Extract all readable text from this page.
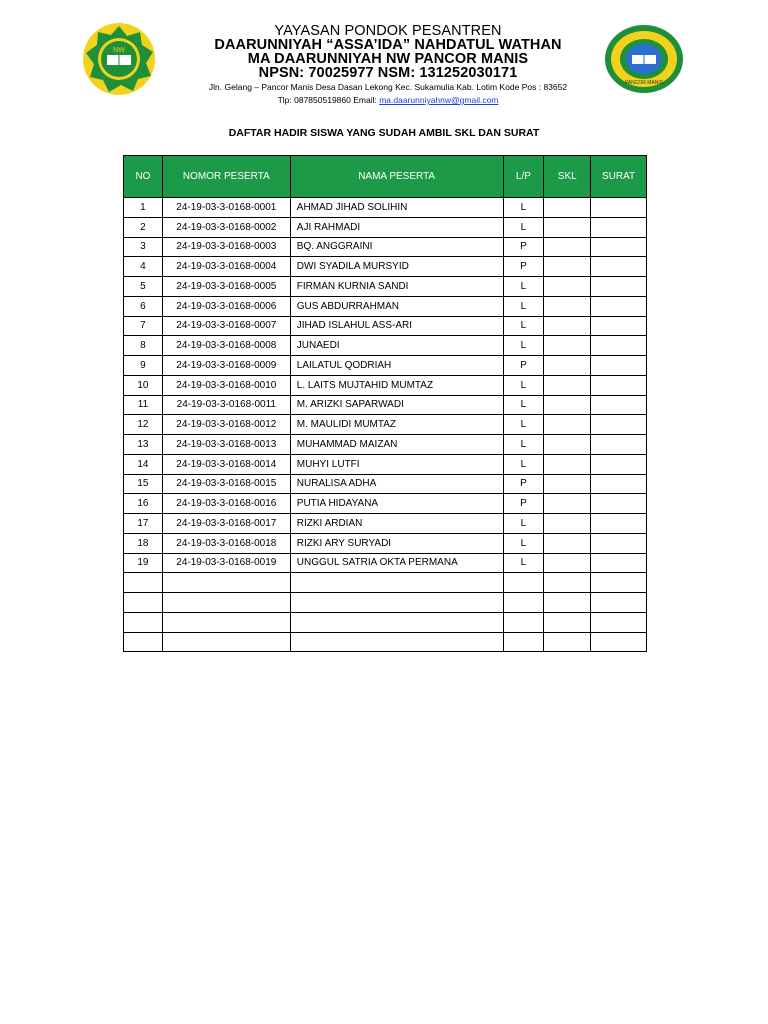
NW
YAYASAN PONDOK PESANTREN
DAARUNNIYAH “ASSA’IDA” NAHDATUL WATHAN
MA DAARUNNIYAH NW PANCOR MANIS
NPSN: 70025977 NSM: 131252030171
Jln. Gelang – Pancor Manis Desa Dasan Lekong Kec. Sukamulia Kab. Lotim Kode Pos : 83652
Tlp: 087850519860 Email: ma.daarunniyahnw@gmail.com
PANCOR MANIS
DAFTAR HADIR SISWA YANG SUDAH AMBIL SKL DAN SURAT
NO	NOMOR PESERTA	NAMA PESERTA	L/P	SKL	SURAT
1	24-19-03-3-0168-0001	AHMAD JIHAD SOLIHIN	L		
2	24-19-03-3-0168-0002	AJI RAHMADI	L		
3	24-19-03-3-0168-0003	BQ. ANGGRAINI	P		
4	24-19-03-3-0168-0004	DWI SYADILA MURSYID	P		
5	24-19-03-3-0168-0005	FIRMAN KURNIA SANDI	L		
6	24-19-03-3-0168-0006	GUS ABDURRAHMAN	L		
7	24-19-03-3-0168-0007	JIHAD ISLAHUL ASS-ARI	L		
8	24-19-03-3-0168-0008	JUNAEDI	L		
9	24-19-03-3-0168-0009	LAILATUL QODRIAH	P		
10	24-19-03-3-0168-0010	L. LAITS MUJTAHID MUMTAZ	L		
11	24-19-03-3-0168-0011	M. ARIZKI SAPARWADI	L		
12	24-19-03-3-0168-0012	M. MAULIDI MUMTAZ	L		
13	24-19-03-3-0168-0013	MUHAMMAD MAIZAN	L		
14	24-19-03-3-0168-0014	MUHYI LUTFI	L		
15	24-19-03-3-0168-0015	NURALISA ADHA	P		
16	24-19-03-3-0168-0016	PUTIA HIDAYANA	P		
17	24-19-03-3-0168-0017	RIZKI ARDIAN	L		
18	24-19-03-3-0168-0018	RIZKI ARY SURYADI	L		
19	24-19-03-3-0168-0019	UNGGUL SATRIA OKTA PERMANA	L		
